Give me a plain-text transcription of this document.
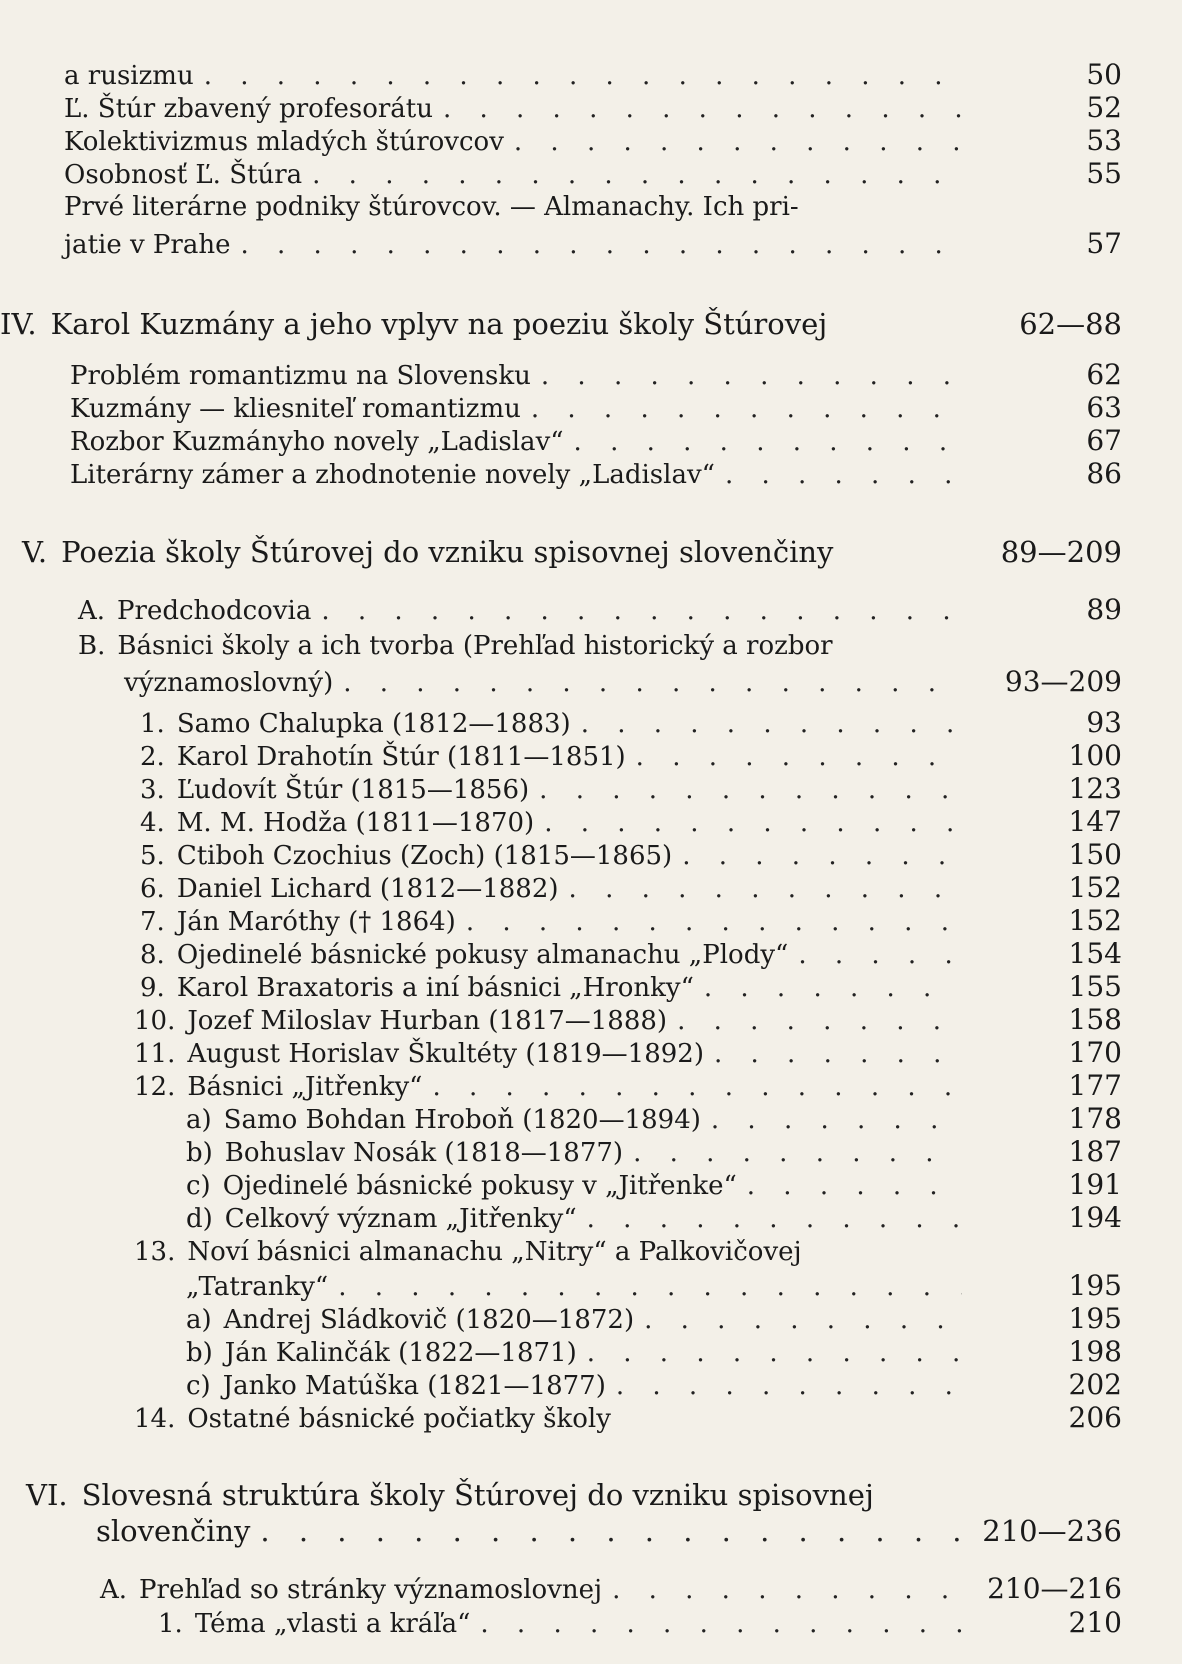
a rusizmu . . .	50
Ľ. Štúr zbavený profesorátu . . .	52
Kolektivizmus mladých štúrovcov . . .	53
Osobnosť Ľ. Štúra . . .	55
Prvé literárne podniky štúrovcov. — Almanachy. Ich pri-
jatie v Prahe . . .	57
IV. Karol Kuzmány a jeho vplyv na poeziu školy Štúrovej	62—88
Problém romantizmu na Slovensku . . .	62
Kuzmány — kliesniteľ romantizmu . . .	63
Rozbor Kuzmányho novely „Ladislav“ . . .	67
Literárny zámer a zhodnotenie novely „Ladislav“ . . .	86
V. Poezia školy Štúrovej do vzniku spisovnej slovenčiny	89—209
A. Predchodcovia . . .	89
B. Básnici školy a ich tvorba (Prehľad historický a rozbor
významoslovný) . . .	93—209
1. Samo Chalupka (1812—1883) . . .	93
2. Karol Drahotín Štúr (1811—1851) . . .	100
3. Ľudovít Štúr (1815—1856) . . .	123
4. M. M. Hodža (1811—1870) . . .	147
5. Ctiboh Czochius (Zoch) (1815—1865) . . .	150
6. Daniel Lichard (1812—1882) . . .	152
7. Ján Maróthy († 1864) . . .	152
8. Ojedinelé básnické pokusy almanachu „Plody“ . . .	154
9. Karol Braxatoris a iní básnici „Hronky“ . . .	155
10. Jozef Miloslav Hurban (1817—1888) . . .	158
11. August Horislav Škultéty (1819—1892) . . .	170
12. Básnici „Jitřenky“ . . .	177
a) Samo Bohdan Hroboň (1820—1894) . . .	178
b) Bohuslav Nosák (1818—1877) . . .	187
c) Ojedinelé básnické pokusy v „Jitřenke“ . . .	191
d) Celkový význam „Jitřenky“ . . .	194
13. Noví básnici almanachu „Nitry“ a Palkovičovej
„Tatranky“ . . .	195
a) Andrej Sládkovič (1820—1872) . . .	195
b) Ján Kalinčák (1822—1871) . . .	198
c) Janko Matúška (1821—1877) . . .	202
14. Ostatné básnické počiatky školy	206
VI. Slovesná struktúra školy Štúrovej do vzniku spisovnej
slovenčiny . . .	210—236
A. Prehľad so stránky významoslovnej . . .	210—216
1. Téma „vlasti a kráľa“ . . .	210
